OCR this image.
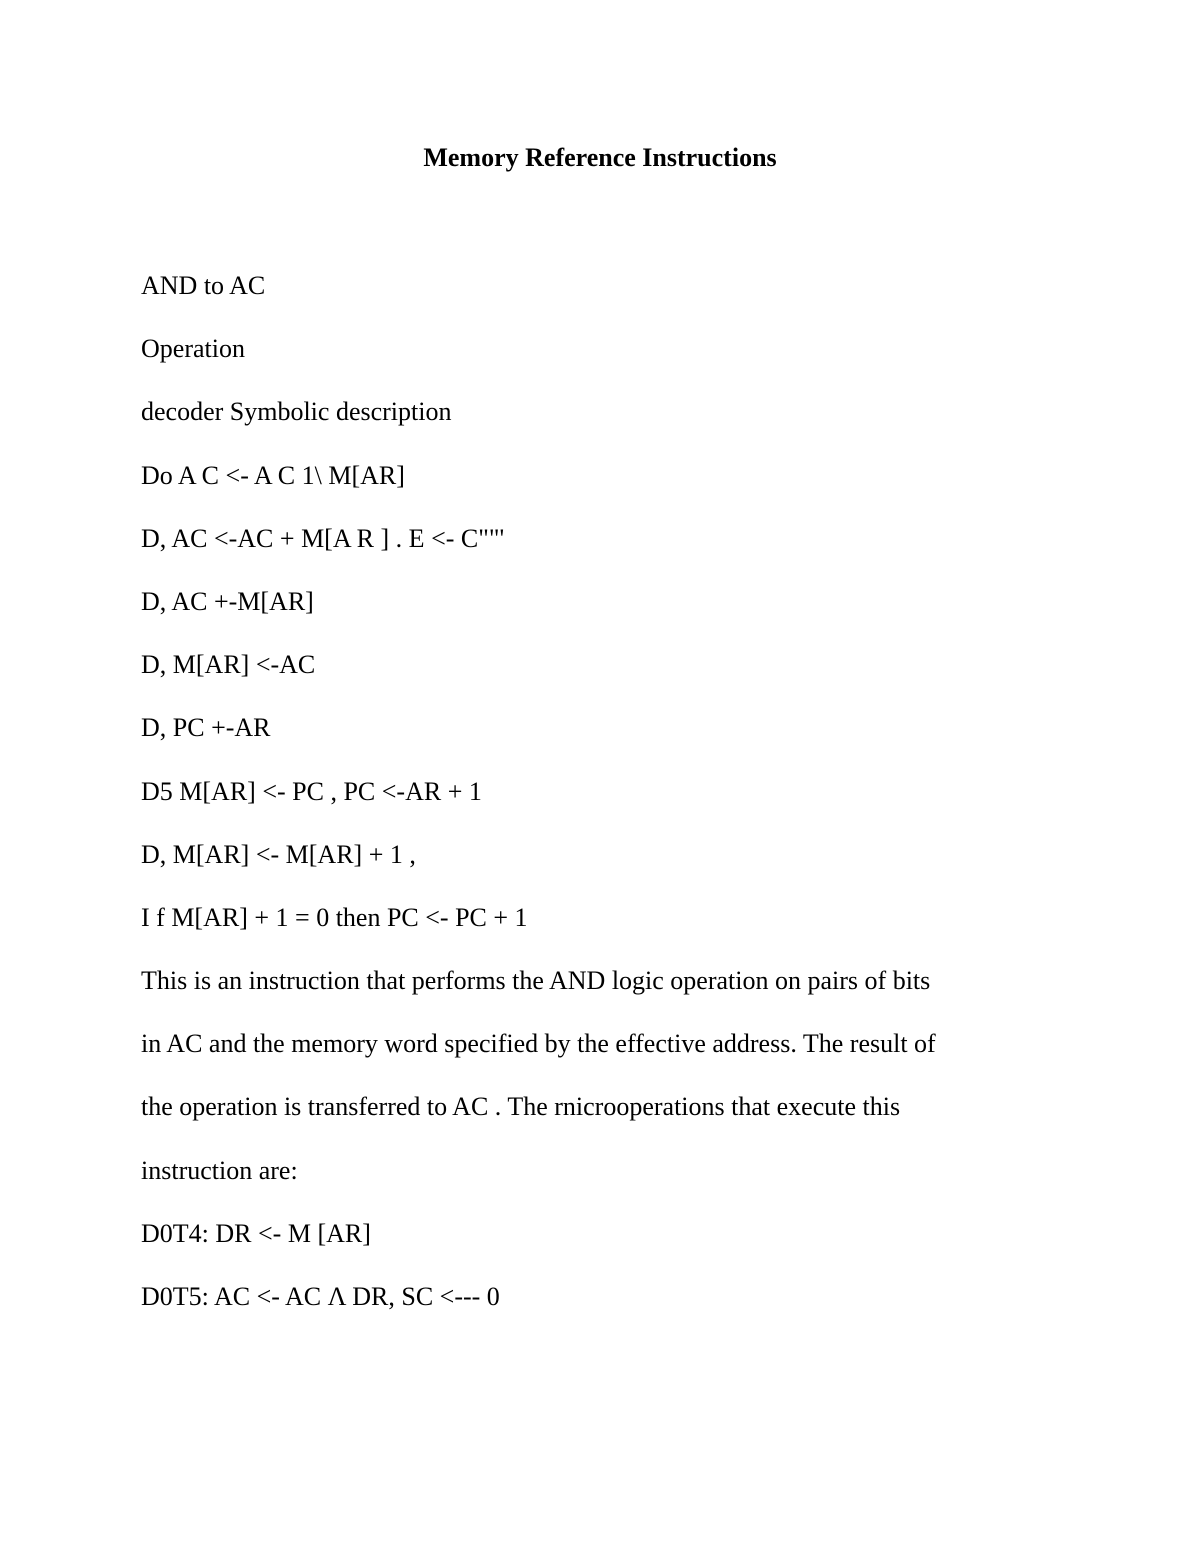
Memory Reference Instructions
AND to AC
Operation
decoder Symbolic description
Do A C <- A C 1\ M[AR]
D, AC <-AC + M[A R ] . E <- C""'
D, AC +-M[AR]
D, M[AR] <-AC
D, PC +-AR
D5 M[AR] <- PC , PC <-AR + 1
D, M[AR] <- M[AR] + 1 ,
I f M[AR] + 1 = 0 then PC <- PC + 1
This is an instruction that performs the AND logic operation on pairs of bits
in AC and the memory word specified by the effective address. The result of
the operation is transferred to AC . The rnicrooperations that execute this
instruction are:
D0T4: DR <- M [AR]
D0T5: AC <- AC Λ DR, SC <--- 0
